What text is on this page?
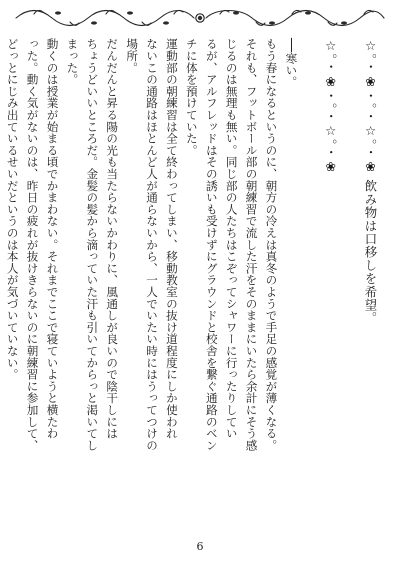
☆。・❀・。・☆。・❀ 飲み物は口移しを希望。

☆。・❀・。・☆。・❀

──寒い。
もう春になるというのに、朝方の冷えは真冬のようで手足の感覚が薄くなる。
それも、フットボール部の朝練習で流した汗をそのままにいたら余計にそう感
じるのは無理も無い。同じ部の人たちはこぞってシャワーに行ったりしてい
るが、アルフレッドはその誘いも受けずにグラウンドと校舎を繋ぐ通路のベン
チに体を預けていた。
運動部の朝練習は全て終わってしまい、移動教室の抜け道程度にしか使われ
ないこの通路はほとんど人が通らないから、一人でいたい時にはうってつけの
場所。
だんだんと昇る陽の光も当たらないかわりに、風通しが良いので陰干しには
ちょうどいいところだ。金髪の髪から滴っていた汗も引いてからっと渇いてし
まった。
動くのは授業が始まる頃でかまわない。それまでここで寝ていようと横たわ
った。動く気がないのは、昨日の疲れが抜けきらないのに朝練習に参加して、
どっとにじみ出ているせいだというのは本人が気づいていない。
6
